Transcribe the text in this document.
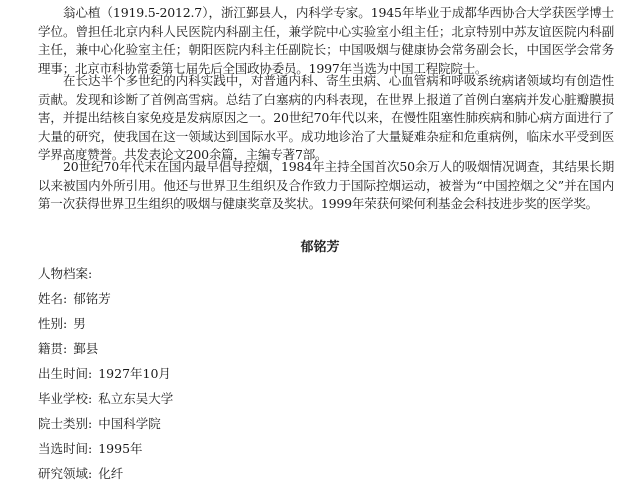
翁心植（1919.5-2012.7），浙江鄞县人，内科学专家。1945年毕业于成都华西协合大学获医学博士学位。曾担任北京内科人民医院内科副主任，兼学院中心实验室小组主任；北京特别中苏友谊医院内科副主任，兼中心化验室主任；朝阳医院内科主任副院长；中国吸烟与健康协会常务副会长，中国医学会常务理事；北京市科协常委第七届先后全国政协委员。1997年当选为中国工程院院士。

在长达半个多世纪的内科实践中，对普通内科、寄生虫病、心血管病和呼吸系统病诸领域均有创造性贡献。发现和诊断了首例高雪病。总结了白塞病的内科表现，在世界上报道了首例白塞病并发心脏瓣膜损害，并提出结核自家免疫是发病原因之一。20世纪70年代以来，在慢性阻塞性肺疾病和肺心病方面进行了大量的研究，使我国在这一领域达到国际水平。成功地诊治了大量疑难杂症和危重病例，临床水平受到医学界高度赞誉。共发表论文200余篇，主编专著7部。

20世纪70年代末在国内最早倡导控烟，1984年主持全国首次50余万人的吸烟情况调查，其结果长期以来被国内外所引用。他还与世界卫生组织及合作致力于国际控烟运动，被誉为“中国控烟之父”并在国内第一次获得世界卫生组织的吸烟与健康奖章及奖状。1999年荣获何梁何利基金会科技进步奖的医学奖。

郁铭芳
人物档案:
姓名: 郁铭芳
性别: 男
籍贯: 鄞县
出生时间: 1927年10月
毕业学校: 私立东吴大学
院士类别: 中国科学院
当选时间: 1995年
研究领域: 化纤
